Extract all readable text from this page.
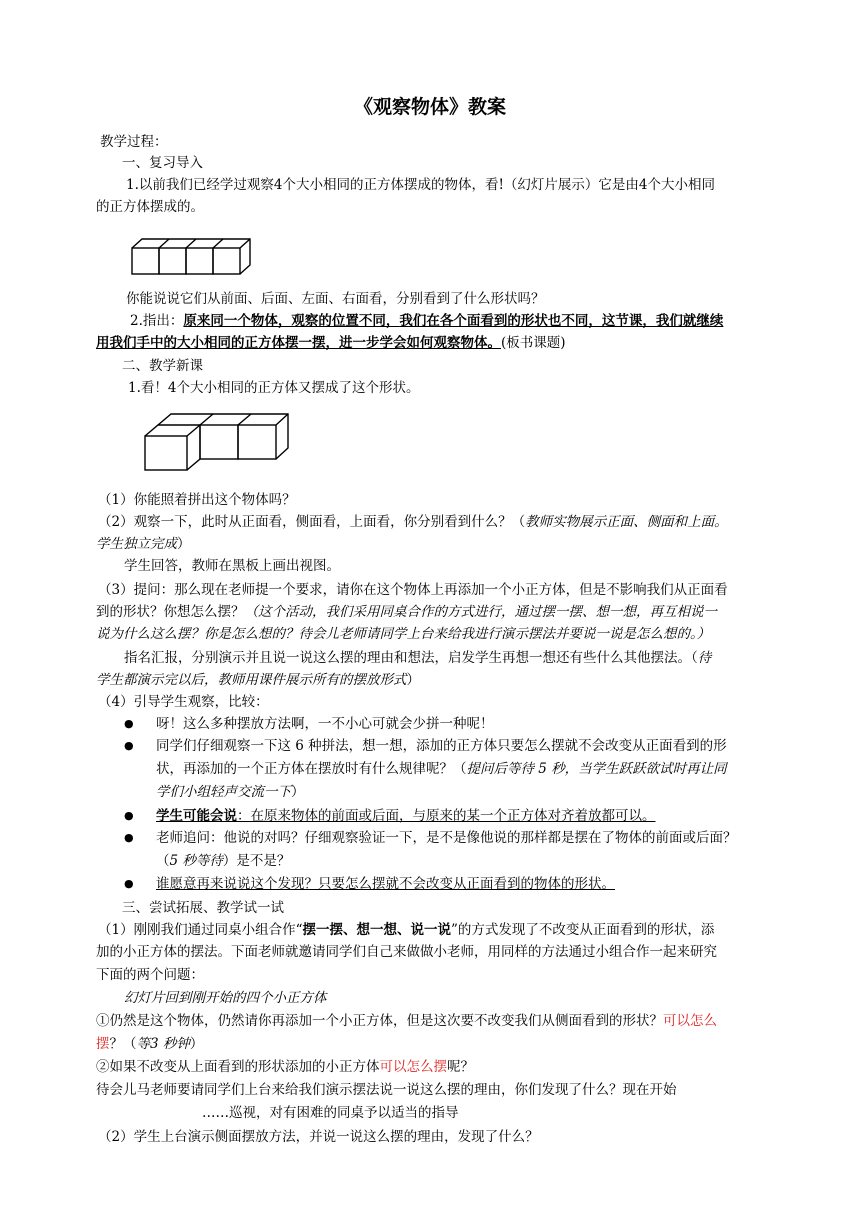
《观察物体》教案
教学过程：
一、复习导入
1.以前我们已经学过观察4个大小相同的正方体摆成的物体，看!（幻灯片展示）它是由4个大小相同
的正方体摆成的。
你能说说它们从前面、后面、左面、右面看，分别看到了什么形状吗？
2.指出：原来同一个物体，观察的位置不同，我们在各个面看到的形状也不同，这节课，我们就继续
用我们手中的大小相同的正方体摆一摆，进一步学会如何观察物体。(板书课题)
二、教学新课
1.看！4个大小相同的正方体又摆成了这个形状。
（1）你能照着拼出这个物体吗？
（2）观察一下，此时从正面看，侧面看，上面看，你分别看到什么？（教师实物展示正面、侧面和上面。
学生独立完成）
学生回答，教师在黑板上画出视图。
（3）提问：那么现在老师提一个要求，请你在这个物体上再添加一个小正方体，但是不影响我们从正面看
到的形状？你想怎么摆？（这个活动，我们采用同桌合作的方式进行，通过摆一摆、想一想，再互相说一
说为什么这么摆？你是怎么想的？待会儿老师请同学上台来给我进行演示摆法并要说一说是怎么想的。）
指名汇报，分别演示并且说一说这么摆的理由和想法，启发学生再想一想还有些什么其他摆法。（待
学生都演示完以后，教师用课件展示所有的摆放形式）
（4）引导学生观察，比较：
● 呀！这么多种摆放方法啊，一不小心可就会少拼一种呢！
● 同学们仔细观察一下这 6 种拼法，想一想，添加的正方体只要怎么摆就不会改变从正面看到的形
状，再添加的一个正方体在摆放时有什么规律呢？（提问后等待 5 秒，当学生跃跃欲试时再让同
学们小组轻声交流一下）
● 学生可能会说：在原来物体的前面或后面，与原来的某一个正方体对齐着放都可以。
● 老师追问：他说的对吗？仔细观察验证一下，是不是像他说的那样都是摆在了物体的前面或后面？
（5 秒等待）是不是？
● 谁愿意再来说说这个发现？只要怎么摆就不会改变从正面看到的物体的形状。
三、尝试拓展、教学试一试
（1）刚刚我们通过同桌小组合作“摆一摆、想一想、说一说”的方式发现了不改变从正面看到的形状，添
加的小正方体的摆法。下面老师就邀请同学们自己来做做小老师，用同样的方法通过小组合作一起来研究
下面的两个问题：
幻灯片回到刚开始的四个小正方体
①仍然是这个物体，仍然请你再添加一个小正方体，但是这次要不改变我们从侧面看到的形状？可以怎么
摆？（等3 秒钟）
②如果不改变从上面看到的形状添加的小正方体可以怎么摆呢？
待会儿马老师要请同学们上台来给我们演示摆法说一说这么摆的理由，你们发现了什么？现在开始
……巡视，对有困难的同桌予以适当的指导
（2）学生上台演示侧面摆放方法，并说一说这么摆的理由，发现了什么？
